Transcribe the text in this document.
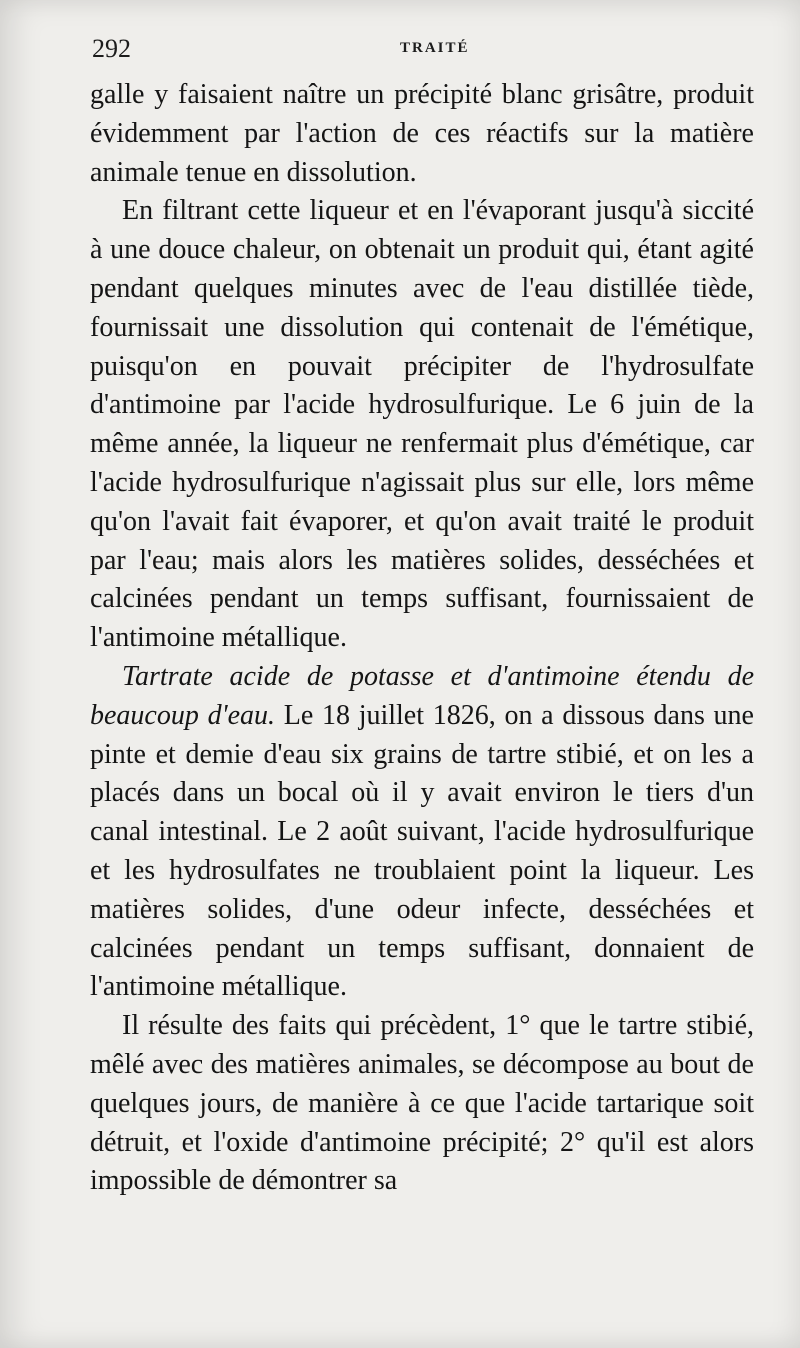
292	TRAITÉ

galle y faisaient naître un précipité blanc grisâtre, produit évidemment par l'action de ces réactifs sur la matière animale tenue en dissolution.

En filtrant cette liqueur et en l'évaporant jusqu'à siccité à une douce chaleur, on obtenait un produit qui, étant agité pendant quelques minutes avec de l'eau distillée tiède, fournissait une dissolution qui contenait de l'émétique, puisqu'on en pouvait précipiter de l'hydrosulfate d'antimoine par l'acide hydrosulfurique. Le 6 juin de la même année, la liqueur ne renfermait plus d'émétique, car l'acide hydrosulfurique n'agissait plus sur elle, lors même qu'on l'avait fait évaporer, et qu'on avait traité le produit par l'eau; mais alors les matières solides, desséchées et calcinées pendant un temps suffisant, fournissaient de l'antimoine métallique.

Tartrate acide de potasse et d'antimoine étendu de beaucoup d'eau. Le 18 juillet 1826, on a dissous dans une pinte et demie d'eau six grains de tartre stibié, et on les a placés dans un bocal où il y avait environ le tiers d'un canal intestinal. Le 2 août suivant, l'acide hydrosulfurique et les hydrosulfates ne troublaient point la liqueur. Les matières solides, d'une odeur infecte, desséchées et calcinées pendant un temps suffisant, donnaient de l'antimoine métallique.

Il résulte des faits qui précèdent, 1° que le tartre stibié, mêlé avec des matières animales, se décompose au bout de quelques jours, de manière à ce que l'acide tartarique soit détruit, et l'oxide d'antimoine précipité; 2° qu'il est alors impossible de démontrer sa
